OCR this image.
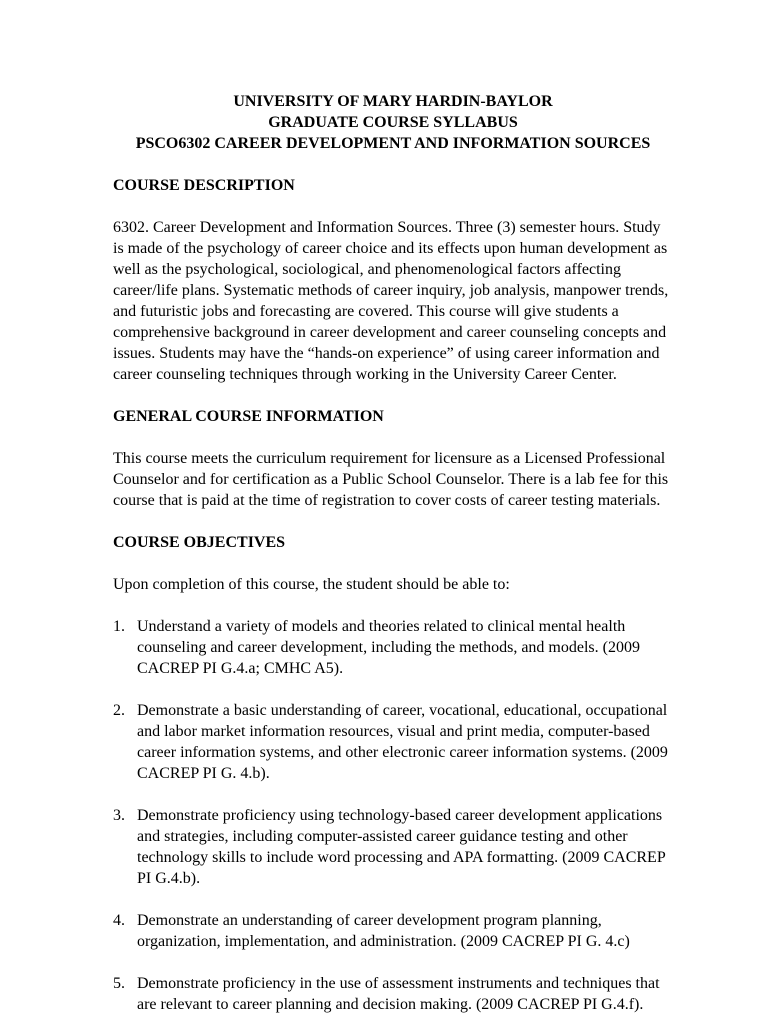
UNIVERSITY OF MARY HARDIN-BAYLOR
GRADUATE COURSE SYLLABUS
PSCO6302 CAREER DEVELOPMENT AND INFORMATION SOURCES
COURSE DESCRIPTION

6302. Career Development and Information Sources. Three (3) semester hours. Study is made of the psychology of career choice and its effects upon human development as well as the psychological, sociological, and phenomenological factors affecting career/life plans. Systematic methods of career inquiry, job analysis, manpower trends, and futuristic jobs and forecasting are covered. This course will give students a comprehensive background in career development and career counseling concepts and issues. Students may have the “hands-on experience” of using career information and career counseling techniques through working in the University Career Center.

GENERAL COURSE INFORMATION

This course meets the curriculum requirement for licensure as a Licensed Professional Counselor and for certification as a Public School Counselor. There is a lab fee for this course that is paid at the time of registration to cover costs of career testing materials.

COURSE OBJECTIVES

Upon completion of this course, the student should be able to:

1. Understand a variety of models and theories related to clinical mental health counseling and career development, including the methods, and models. (2009 CACREP PI G.4.a; CMHC A5).
2. Demonstrate a basic understanding of career, vocational, educational, occupational and labor market information resources, visual and print media, computer-based career information systems, and other electronic career information systems. (2009 CACREP PI G. 4.b).
3. Demonstrate proficiency using technology-based career development applications and strategies, including computer-assisted career guidance testing and other technology skills to include word processing and APA formatting. (2009 CACREP PI G.4.b).
4. Demonstrate an understanding of career development program planning, organization, implementation, and administration. (2009 CACREP PI G. 4.c)
5. Demonstrate proficiency in the use of assessment instruments and techniques that are relevant to career planning and decision making. (2009 CACREP PI G.4.f).
